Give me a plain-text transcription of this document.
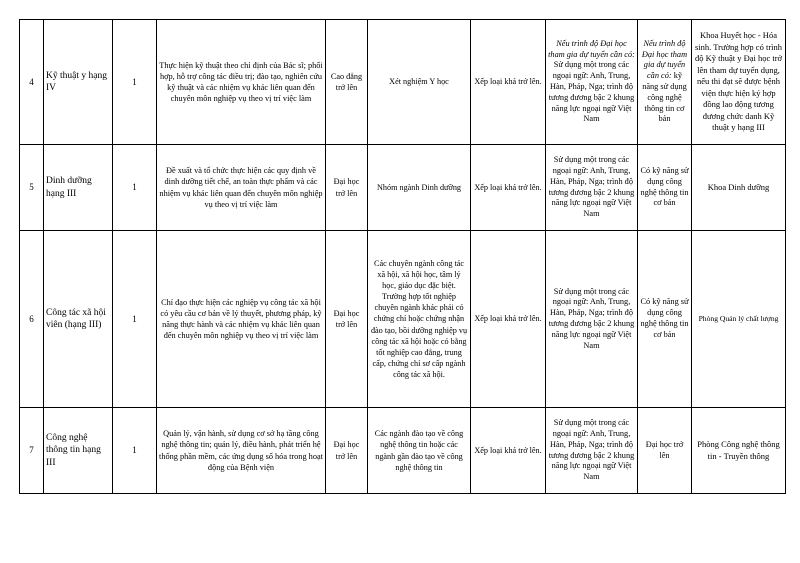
4	Kỹ thuật y hạng IV	1	Thực hiện kỹ thuật theo chỉ định của Bác sĩ; phối hợp, hỗ trợ công tác điều trị; đào tạo, nghiên cứu kỹ thuật và các nhiệm vụ khác liên quan đến chuyên môn nghiệp vụ theo vị trí việc làm	Cao đẳng trở lên	Xét nghiệm Y học	Xếp loại khá trở lên.	Nếu trình độ Đại học tham gia dự tuyển cần có: Sử dụng một trong các ngoại ngữ: Anh, Trung, Hàn, Pháp, Nga; trình độ tương đương bậc 2 khung năng lực ngoại ngữ Việt Nam	Nếu trình độ Đại học tham gia dự tuyển cần có: kỹ năng sử dụng công nghệ thông tin cơ bản	Khoa Huyết học - Hóa sinh. Trường hợp có trình độ Kỹ thuật y Đại học trở lên tham dự tuyển dụng, nếu thi đạt sẽ được bệnh viện thực hiện ký hợp đồng lao động tương đương chức danh Kỹ thuật y hạng III
5	Dinh dưỡng hạng III	1	Đề xuất và tổ chức thực hiện các quy định về dinh dưỡng tiết chế, an toàn thực phẩm và các nhiệm vụ khác liên quan đến chuyên môn nghiệp vụ theo vị trí việc làm	Đại học trở lên	Nhóm ngành Dinh dưỡng	Xếp loại khá trở lên.	Sử dụng một trong các ngoại ngữ: Anh, Trung, Hàn, Pháp, Nga; trình độ tương đương bậc 2 khung năng lực ngoại ngữ Việt Nam	Có kỹ năng sử dụng công nghệ thông tin cơ bản	Khoa Dinh dưỡng
6	Công tác xã hội viên (hạng III)	1	Chỉ đạo thực hiện các nghiệp vụ công tác xã hội có yêu cầu cơ bản về lý thuyết, phương pháp, kỹ năng thực hành và các nhiệm vụ khác liên quan đến chuyên môn nghiệp vụ theo vị trí việc làm	Đại học trở lên	Các chuyên ngành công tác xã hội, xã hội học, tâm lý học, giáo dục đặc biệt. Trường hợp tốt nghiệp chuyên ngành khác phải có chứng chỉ hoặc chứng nhận đào tạo, bồi dưỡng nghiệp vụ công tác xã hội hoặc có bằng tốt nghiệp cao đẳng, trung cấp, chứng chỉ sơ cấp ngành công tác xã hội.	Xếp loại khá trở lên.	Sử dụng một trong các ngoại ngữ: Anh, Trung, Hàn, Pháp, Nga; trình độ tương đương bậc 2 khung năng lực ngoại ngữ Việt Nam	Có kỹ năng sử dụng công nghệ thông tin cơ bản	Phòng Quản lý chất lượng
7	Công nghệ thông tin hạng III	1	Quản lý, vận hành, sử dụng cơ sở hạ tầng công nghệ thông tin; quản lý, điều hành, phát triển hệ thống phần mềm, các ứng dụng số hóa trong hoạt động của Bệnh viện	Đại học trở lên	Các ngành đào tạo về công nghệ thông tin hoặc các ngành gần đào tạo về công nghệ thông tin	Xếp loại khá trở lên.	Sử dụng một trong các ngoại ngữ: Anh, Trung, Hàn, Pháp, Nga; trình độ tương đương bậc 2 khung năng lực ngoại ngữ Việt Nam	Đại học trở lên	Phòng Công nghệ thông tin - Truyền thông
